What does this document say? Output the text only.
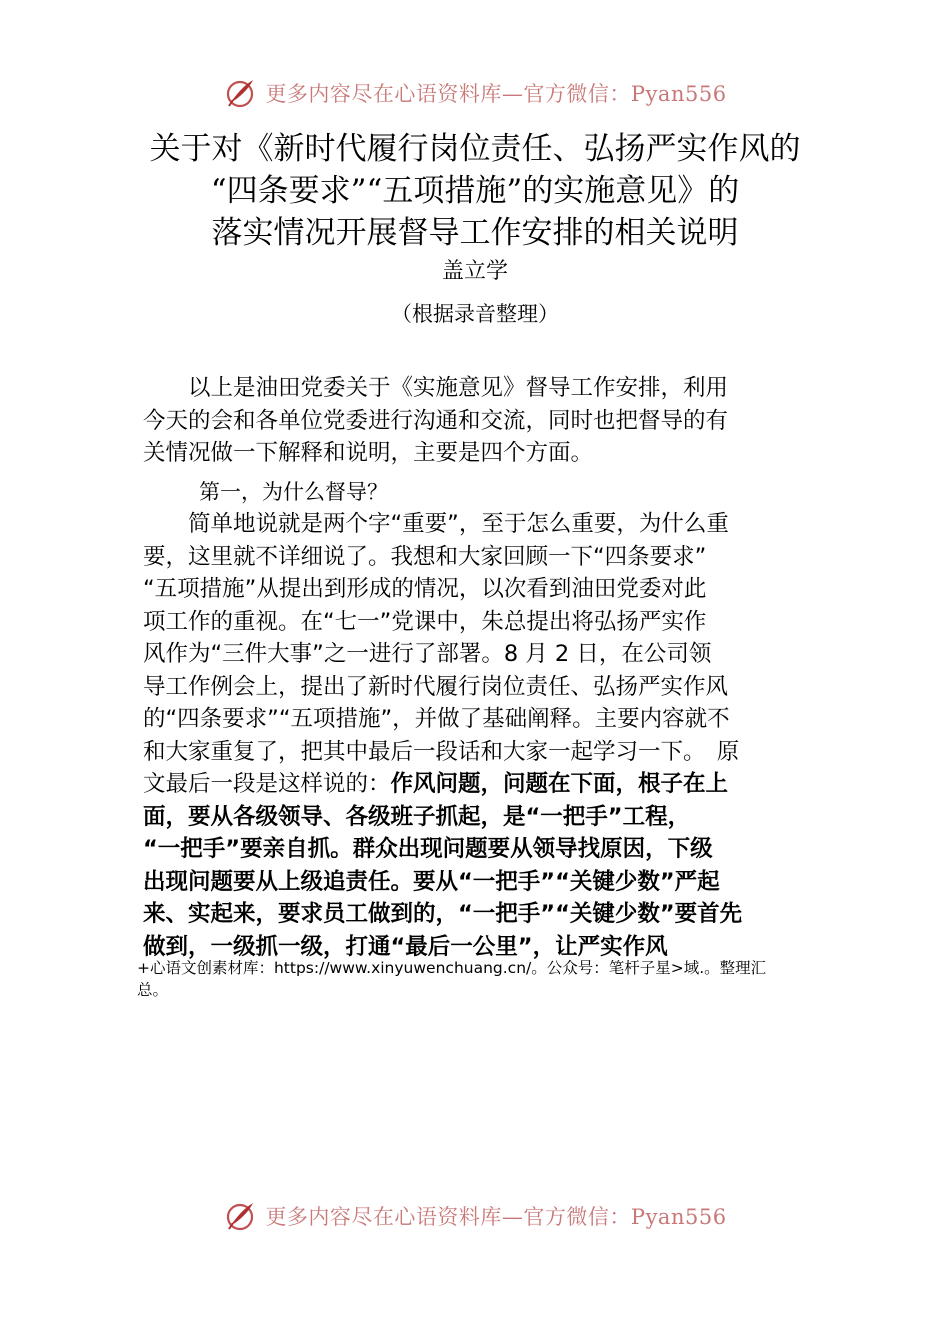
更多内容尽在心语资料库—官方微信：Pyan556
关于对《新时代履行岗位责任、弘扬严实作风的
“四条要求”“五项措施”的实施意见》的
落实情况开展督导工作安排的相关说明
盖立学
（根据录音整理）
　　以上是油田党委关于《实施意见》督导工作安排，利用
今天的会和各单位党委进行沟通和交流，同时也把督导的有
关情况做一下解释和说明，主要是四个方面。
第一，为什么督导？
　　简单地说就是两个字“重要”，至于怎么重要，为什么重
要，这里就不详细说了。我想和大家回顾一下“四条要求”
“五项措施”从提出到形成的情况，以次看到油田党委对此
项工作的重视。在“七一”党课中，朱总提出将弘扬严实作
风作为“三件大事”之一进行了部署。8 月 2 日，在公司领
导工作例会上，提出了新时代履行岗位责任、弘扬严实作风
的“四条要求”“五项措施”，并做了基础阐释。主要内容就不
和大家重复了，把其中最后一段话和大家一起学习一下。　原
文最后一段是这样说的：作风问题，问题在下面，根子在上
面，要从各级领导、各级班子抓起，是“一把手”工程，
“一把手”要亲自抓。群众出现问题要从领导找原因，下级
出现问题要从上级追责任。要从“一把手”“关键少数”严起
来、实起来，要求员工做到的，“一把手”“关键少数”要首先
做到，一级抓一级，打通“最后一公里”，让严实作风
+心语文创素材库：https://www.xinyuwenchuang.cn/。公众号：笔杆子星>域.。整理汇
总。
更多内容尽在心语资料库—官方微信：Pyan556
